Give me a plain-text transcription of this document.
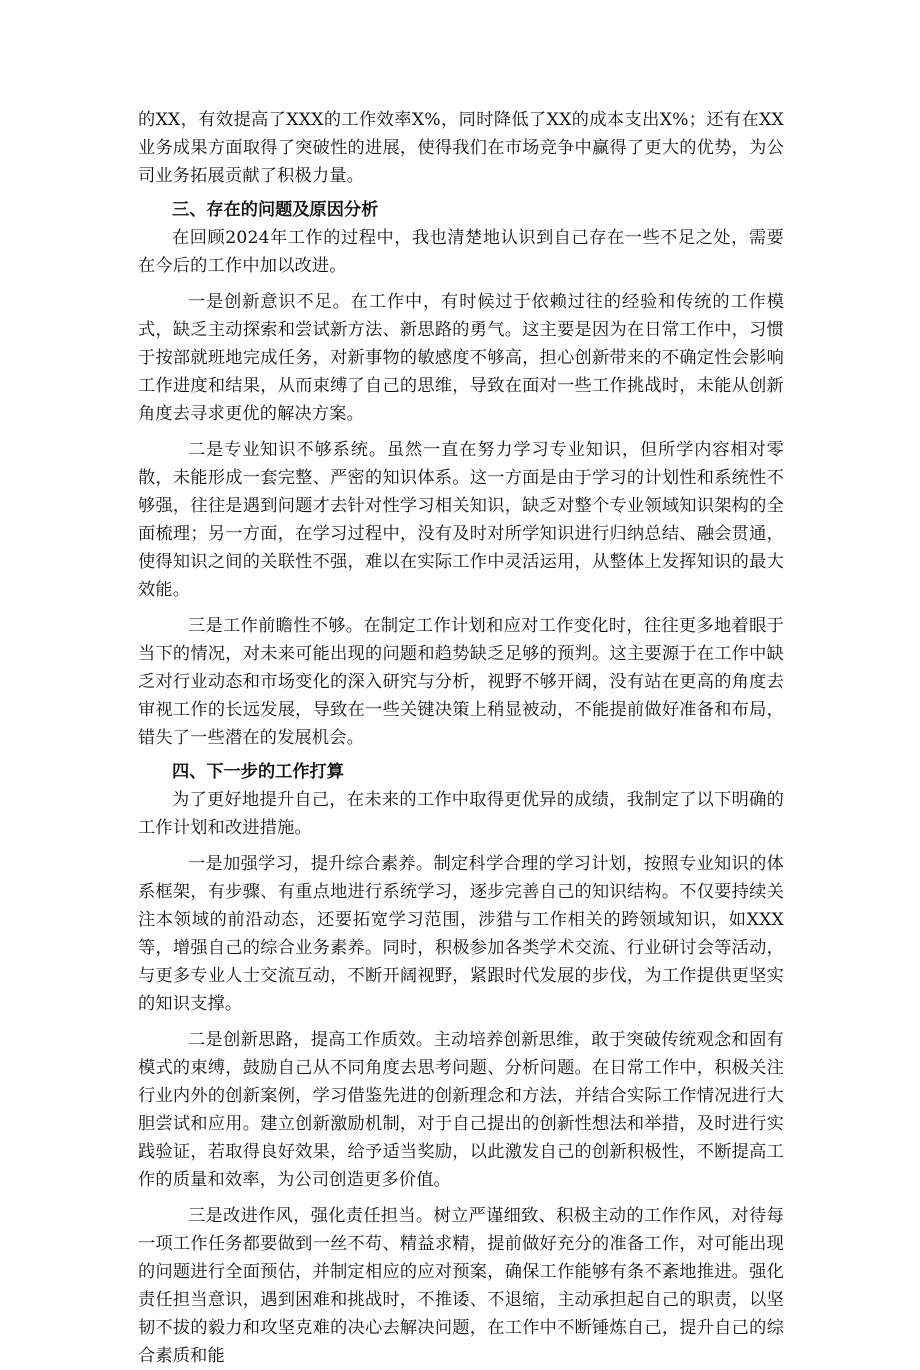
的XX，有效提高了XXX的工作效率X%，同时降低了XX的成本支出X%；还有在XX业务成果方面取得了突破性的进展，使得我们在市场竞争中赢得了更大的优势，为公司业务拓展贡献了积极力量。

三、存在的问题及原因分析

在回顾2024年工作的过程中，我也清楚地认识到自己存在一些不足之处，需要在今后的工作中加以改进。

一是创新意识不足。在工作中，有时候过于依赖过往的经验和传统的工作模式，缺乏主动探索和尝试新方法、新思路的勇气。这主要是因为在日常工作中，习惯于按部就班地完成任务，对新事物的敏感度不够高，担心创新带来的不确定性会影响工作进度和结果，从而束缚了自己的思维，导致在面对一些工作挑战时，未能从创新角度去寻求更优的解决方案。

二是专业知识不够系统。虽然一直在努力学习专业知识，但所学内容相对零散，未能形成一套完整、严密的知识体系。这一方面是由于学习的计划性和系统性不够强，往往是遇到问题才去针对性学习相关知识，缺乏对整个专业领域知识架构的全面梳理；另一方面，在学习过程中，没有及时对所学知识进行归纳总结、融会贯通，使得知识之间的关联性不强，难以在实际工作中灵活运用，从整体上发挥知识的最大效能。

三是工作前瞻性不够。在制定工作计划和应对工作变化时，往往更多地着眼于当下的情况，对未来可能出现的问题和趋势缺乏足够的预判。这主要源于在工作中缺乏对行业动态和市场变化的深入研究与分析，视野不够开阔，没有站在更高的角度去审视工作的长远发展，导致在一些关键决策上稍显被动，不能提前做好准备和布局，错失了一些潜在的发展机会。

四、下一步的工作打算

为了更好地提升自己，在未来的工作中取得更优异的成绩，我制定了以下明确的工作计划和改进措施。

一是加强学习，提升综合素养。制定科学合理的学习计划，按照专业知识的体系框架，有步骤、有重点地进行系统学习，逐步完善自己的知识结构。不仅要持续关注本领域的前沿动态，还要拓宽学习范围，涉猎与工作相关的跨领域知识，如XXX等，增强自己的综合业务素养。同时，积极参加各类学术交流、行业研讨会等活动，与更多专业人士交流互动，不断开阔视野，紧跟时代发展的步伐，为工作提供更坚实的知识支撑。

二是创新思路，提高工作质效。主动培养创新思维，敢于突破传统观念和固有模式的束缚，鼓励自己从不同角度去思考问题、分析问题。在日常工作中，积极关注行业内外的创新案例，学习借鉴先进的创新理念和方法，并结合实际工作情况进行大胆尝试和应用。建立创新激励机制，对于自己提出的创新性想法和举措，及时进行实践验证，若取得良好效果，给予适当奖励，以此激发自己的创新积极性，不断提高工作的质量和效率，为公司创造更多价值。

三是改进作风，强化责任担当。树立严谨细致、积极主动的工作作风，对待每一项工作任务都要做到一丝不苟、精益求精，提前做好充分的准备工作，对可能出现的问题进行全面预估，并制定相应的应对预案，确保工作能够有条不紊地推进。强化责任担当意识，遇到困难和挑战时，不推诿、不退缩，主动承担起自己的职责，以坚韧不拔的毅力和攻坚克难的决心去解决问题，在工作中不断锤炼自己，提升自己的综合素质和能
